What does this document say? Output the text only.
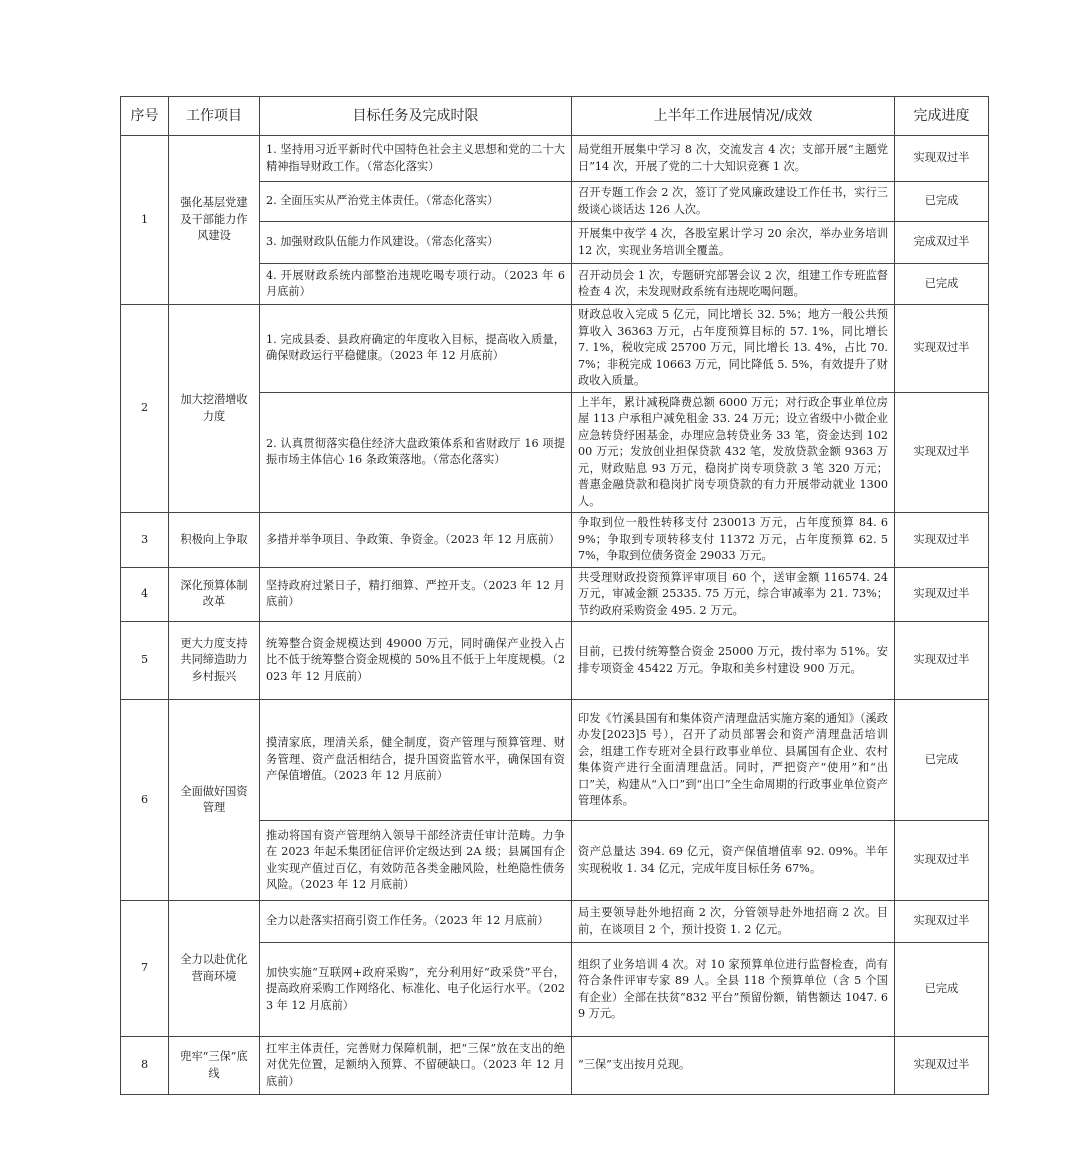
序号	工作项目	目标任务及完成时限	上半年工作进展情况/成效	完成进度
1	强化基层党建及干部能力作风建设	1. 坚持用习近平新时代中国特色社会主义思想和党的二十大精神指导财政工作。（常态化落实）	局党组开展集中学习 8 次，交流发言 4 次；支部开展“主题党日”14 次，开展了党的二十大知识竞赛 1 次。	实现双过半
		2. 全面压实从严治党主体责任。（常态化落实）	召开专题工作会 2 次，签订了党风廉政建设工作任书，实行三级谈心谈话达 126 人次。	已完成
		3. 加强财政队伍能力作风建设。（常态化落实）	开展集中夜学 4 次，各股室累计学习 20 余次，举办业务培训 12 次，实现业务培训全覆盖。	完成双过半
		4. 开展财政系统内部整治违规吃喝专项行动。（2023 年 6 月底前）	召开动员会 1 次，专题研究部署会议 2 次，组建工作专班监督检查 4 次，未发现财政系统有违规吃喝问题。	已完成
2	加大挖潜增收力度	1. 完成县委、县政府确定的年度收入目标，提高收入质量，确保财政运行平稳健康。（2023 年 12 月底前）	财政总收入完成 5 亿元，同比增长 32. 5%；地方一般公共预算收入 36363 万元，占年度预算目标的 57. 1%，同比增长 7. 1%，税收完成 25700 万元，同比增长 13. 4%，占比 70. 7%；非税完成 10663 万元，同比降低 5. 5%，有效提升了财政收入质量。	实现双过半
		2. 认真贯彻落实稳住经济大盘政策体系和省财政厅 16 项提振市场主体信心 16 条政策落地。（常态化落实）	上半年，累计减税降费总额 6000 万元；对行政企事业单位房屋 113 户承租户减免租金 33. 24 万元；设立省级中小微企业应急转贷纾困基金，办理应急转贷业务 33 笔，资金达到 10200 万元；发放创业担保贷款 432 笔，发放贷款金额 9363 万元，财政贴息 93 万元，稳岗扩岗专项贷款 3 笔 320 万元；普惠金融贷款和稳岗扩岗专项贷款的有力开展带动就业 1300 人。	实现双过半
3	积极向上争取	多措并举争项目、争政策、争资金。（2023 年 12 月底前）	争取到位一般性转移支付 230013 万元，占年度预算 84. 69%；争取到专项转移支付 11372 万元，占年度预算 62. 57%，争取到位债务资金 29033 万元。	实现双过半
4	深化预算体制改革	坚持政府过紧日子，精打细算、严控开支。（2023 年 12 月底前）	共受理财政投资预算评审项目 60 个，送审金额 116574. 24 万元，审减金额 25335. 75 万元，综合审减率为 21. 73%；节约政府采购资金 495. 2 万元。	实现双过半
5	更大力度支持共同缔造助力乡村振兴	统筹整合资金规模达到 49000 万元，同时确保产业投入占比不低于统筹整合资金规模的 50%且不低于上年度规模。（2023 年 12 月底前）	目前，已拨付统筹整合资金 25000 万元，拨付率为 51%。安排专项资金 45422 万元。争取和美乡村建设 900 万元。	实现双过半
6	全面做好国资管理	摸清家底，理清关系，健全制度，资产管理与预算管理、财务管理、资产盘活相结合，提升国资监管水平，确保国有资产保值增值。（2023 年 12 月底前）	印发《竹溪县国有和集体资产清理盘活实施方案的通知》（溪政办发[2023]5 号），召开了动员部署会和资产清理盘活培训会，组建工作专班对全县行政事业单位、县属国有企业、农村集体资产进行全面清理盘活。同时，严把资产“使用”和“出口”关，构建从“入口”到“出口”全生命周期的行政事业单位资产管理体系。	已完成
		推动将国有资产管理纳入领导干部经济责任审计范畴。力争在 2023 年起禾集团征信评价定级达到 2A 级；县属国有企业实现产值过百亿，有效防范各类金融风险，杜绝隐性债务风险。（2023 年 12 月底前）	资产总量达 394. 69 亿元，资产保值增值率 92. 09%。半年实现税收 1. 34 亿元，完成年度目标任务 67%。	实现双过半
7	全力以赴优化营商环境	全力以赴落实招商引资工作任务。（2023 年 12 月底前）	局主要领导赴外地招商 2 次，分管领导赴外地招商 2 次。目前，在谈项目 2 个，预计投资 1. 2 亿元。	实现双过半
		加快实施“互联网+政府采购”，充分利用好“政采贷”平台，提高政府采购工作网络化、标准化、电子化运行水平。（2023 年 12 月底前）	组织了业务培训 4 次。对 10 家预算单位进行监督检查，尚有符合条件评审专家 89 人。全县 118 个预算单位（含 5 个国有企业）全部在扶贫“832 平台”预留份额，销售额达 1047. 69 万元。	已完成
8	兜牢“三保”底线	扛牢主体责任，完善财力保障机制，把“三保”放在支出的绝对优先位置，足额纳入预算、不留硬缺口。（2023 年 12 月底前）	“三保”支出按月兑现。	实现双过半
